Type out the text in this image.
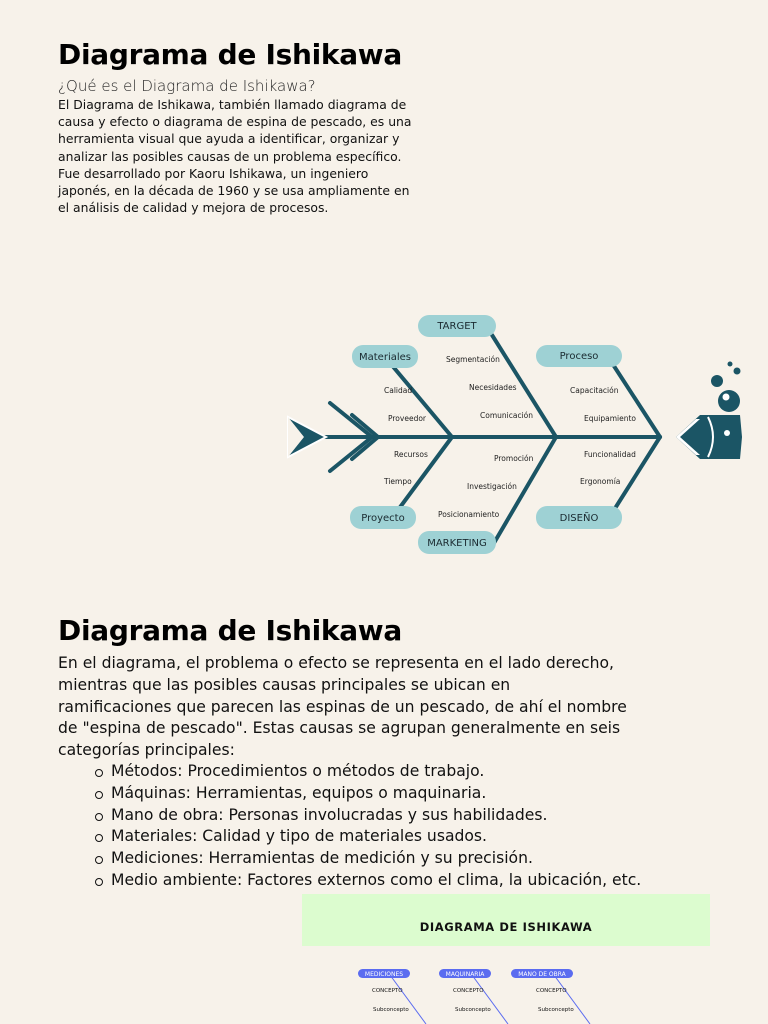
Diagrama de Ishikawa

¿Qué es el Diagrama de Ishikawa?

El Diagrama de Ishikawa, también llamado diagrama de causa y efecto o diagrama de espina de pescado, es una herramienta visual que ayuda a identificar, organizar y analizar las posibles causas de un problema específico. Fue desarrollado por Kaoru Ishikawa, un ingeniero japonés, en la década de 1960 y se usa ampliamente en el análisis de calidad y mejora de procesos.

Materiales
TARGET
Proceso
Proyecto
MARKETING
DISEÑO
Calidad
Proveedor
Segmentación
Necesidades
Comunicación
Capacitación
Equipamiento
Recursos
Tiempo
Promoción
Investigación
Posicionamiento
Funcionalidad
Ergonomía
Diagrama de Ishikawa

En el diagrama, el problema o efecto se representa en el lado derecho, mientras que las posibles causas principales se ubican en ramificaciones que parecen las espinas de un pescado, de ahí el nombre de "espina de pescado". Estas causas se agrupan generalmente en seis categorías principales:

Métodos: Procedimientos o métodos de trabajo.
Máquinas: Herramientas, equipos o maquinaria.
Mano de obra: Personas involucradas y sus habilidades.
Materiales: Calidad y tipo de materiales usados.
Mediciones: Herramientas de medición y su precisión.
Medio ambiente: Factores externos como el clima, la ubicación, etc.
DIAGRAMA DE ISHIKAWA
MEDICIONES	MAQUINARIA	MANO DE OBRA
CONCEPTO	CONCEPTO	CONCEPTO
Subconcepto	Subconcepto	Subconcepto
